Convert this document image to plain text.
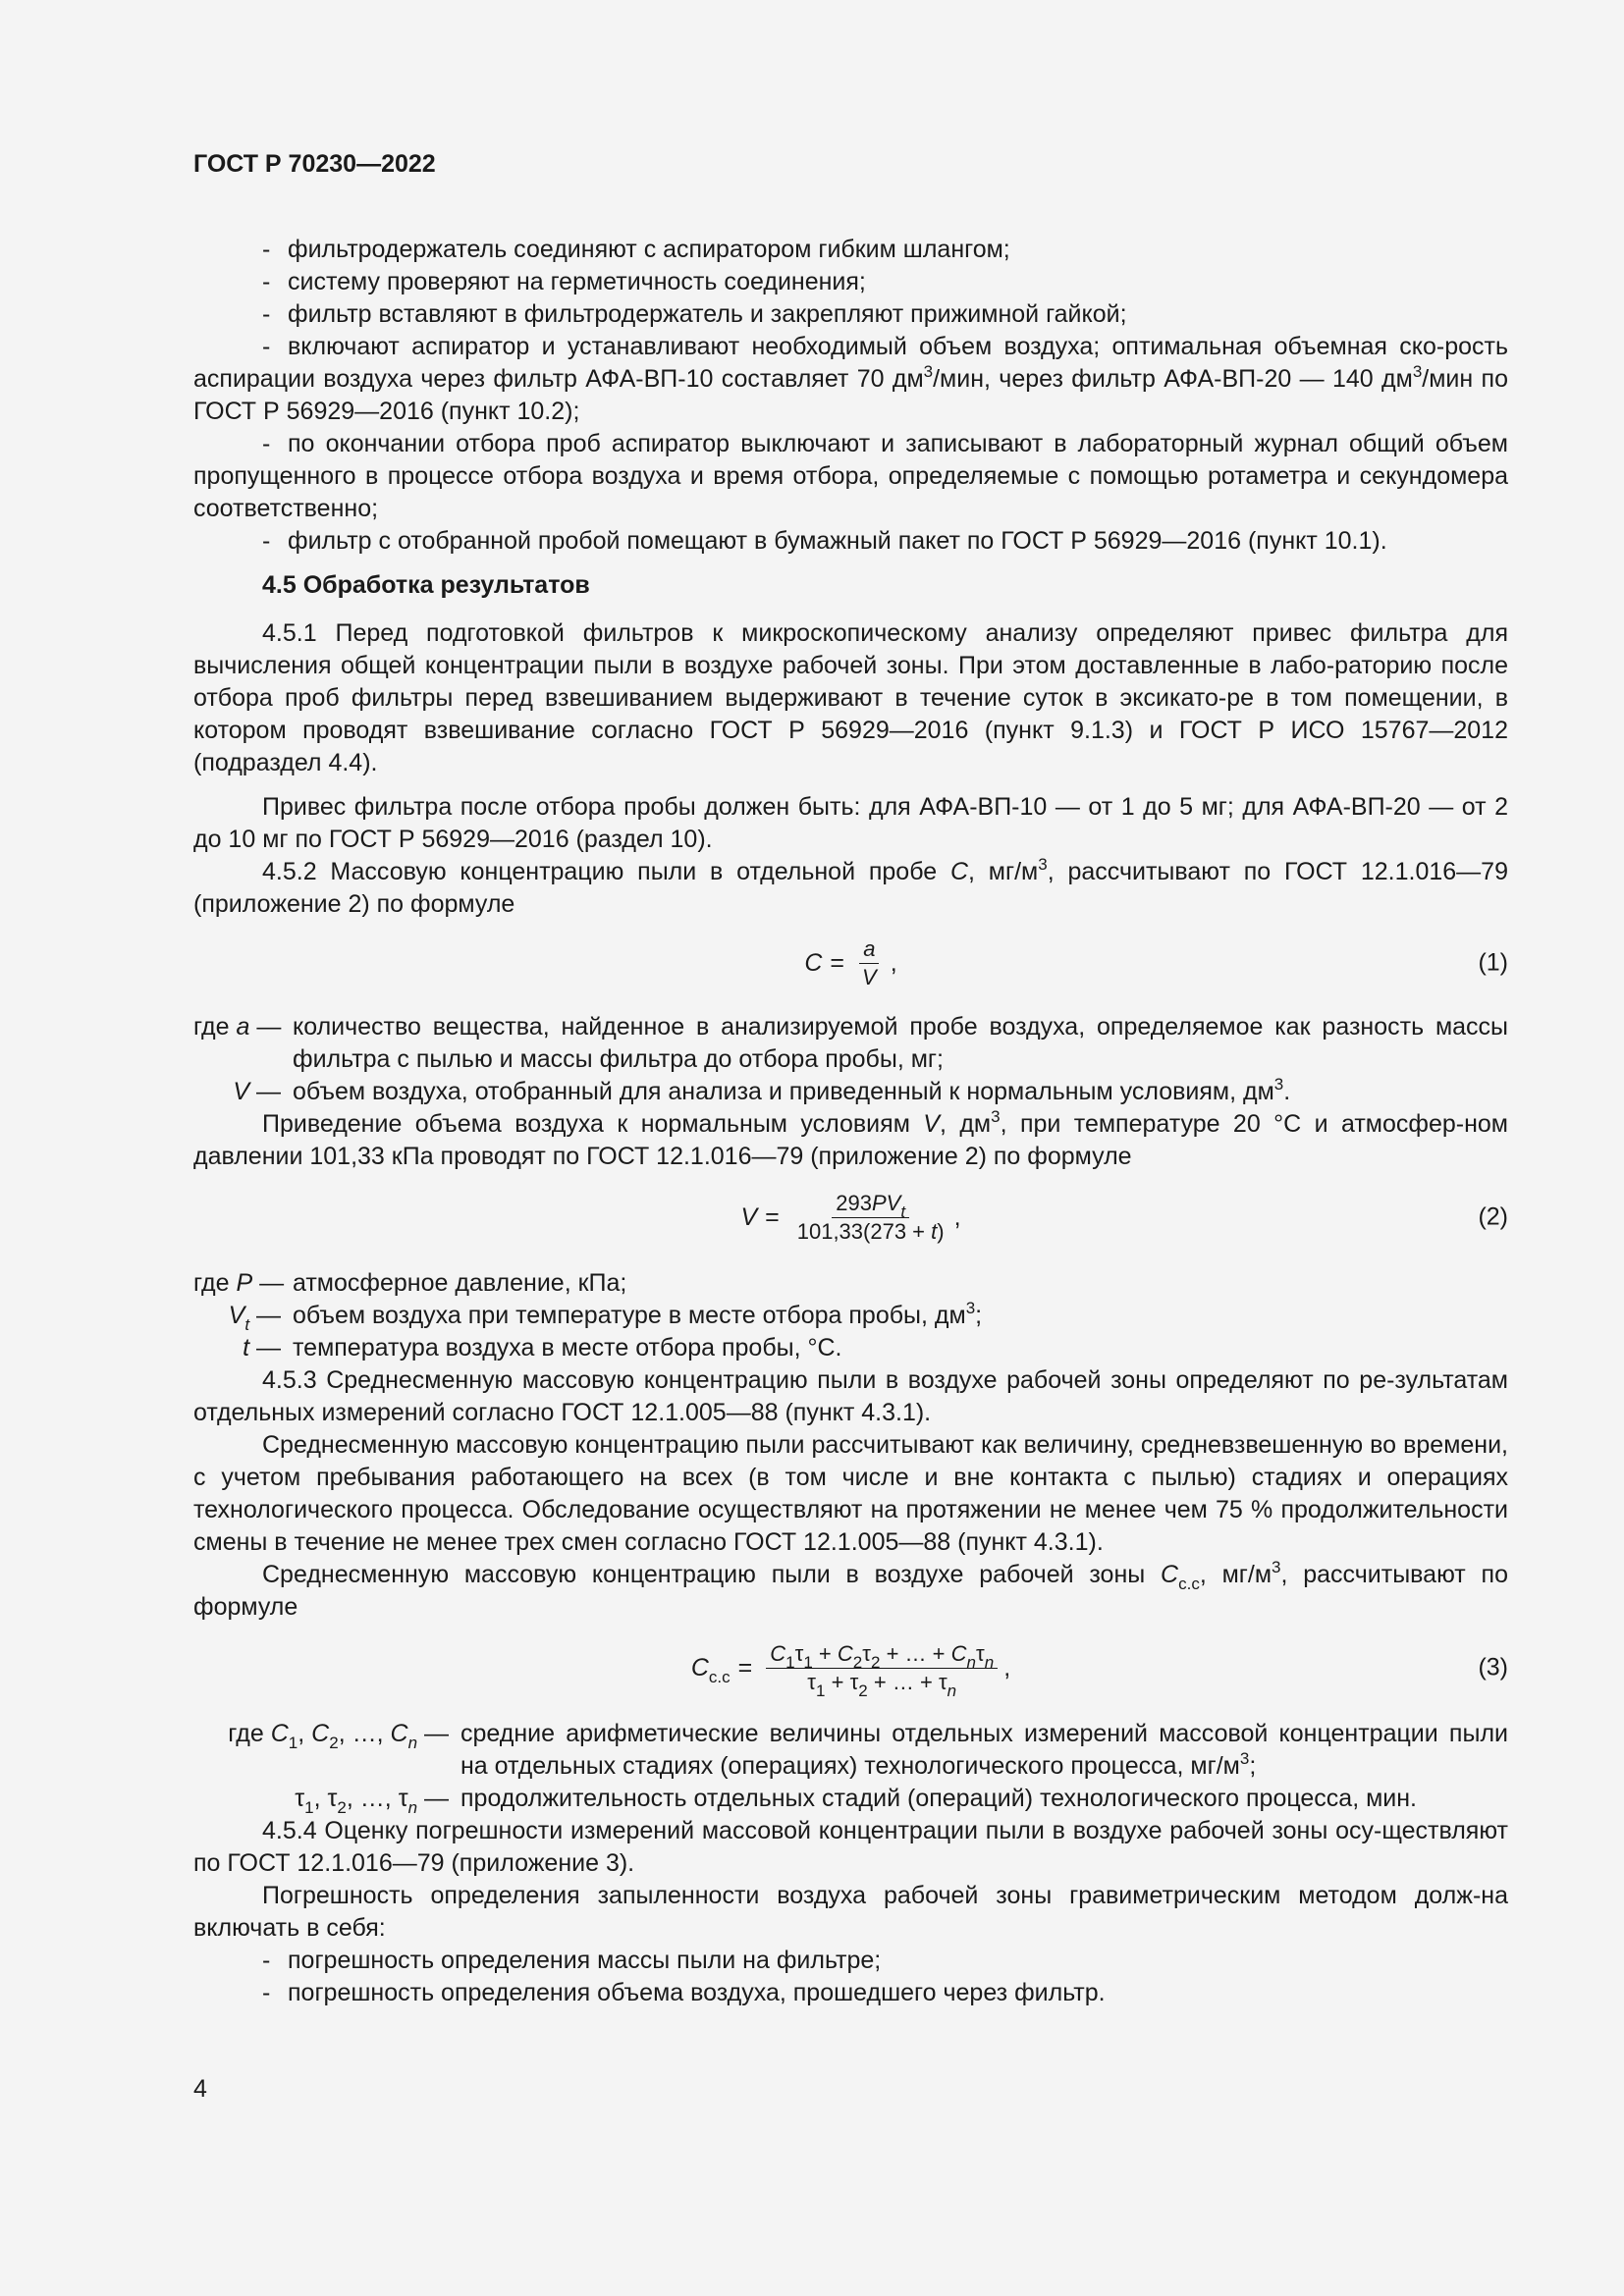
ГОСТ Р 70230—2022

- фильтродержатель соединяют с аспиратором гибким шлангом;

- систему проверяют на герметичность соединения;

- фильтр вставляют в фильтродержатель и закрепляют прижимной гайкой;

- включают аспиратор и устанавливают необходимый объем воздуха; оптимальная объемная ско-рость аспирации воздуха через фильтр АФА-ВП-10 составляет 70 $дм^3$/мин, через фильтр АФА-ВП-20 — 140 $дм^3$/мин по ГОСТ Р 56929—2016 (пункт 10.2);

- по окончании отбора проб аспиратор выключают и записывают в лабораторный журнал общий объем пропущенного в процессе отбора воздуха и время отбора, определяемые с помощью ротаметра и секундомера соответственно;

- фильтр с отобранной пробой помещают в бумажный пакет по ГОСТ Р 56929—2016 (пункт 10.1).

4.5 Обработка результатов

4.5.1 Перед подготовкой фильтров к микроскопическому анализу определяют привес фильтра для вычисления общей концентрации пыли в воздухе рабочей зоны. При этом доставленные в лабо-раторию после отбора проб фильтры перед взвешиванием выдерживают в течение суток в эксикато-ре в том помещении, в котором проводят взвешивание согласно ГОСТ Р 56929—2016 (пункт 9.1.3) и ГОСТ Р ИСО 15767—2012 (подраздел 4.4).

Привес фильтра после отбора пробы должен быть: для АФА-ВП-10 — от 1 до 5 мг; для АФА-ВП-20 — от 2 до 10 мг по ГОСТ Р 56929—2016 (раздел 10).

4.5.2 Массовую концентрацию пыли в отдельной пробе C, $мг/м^3$, рассчитывают по ГОСТ 12.1.016—79 (приложение 2) по формуле

$C = \frac{a}{V}$ ,	(1)
где a — количество вещества, найденное в анализируемой пробе воздуха, определяемое как разность массы фильтра с пылью и массы фильтра до отбора пробы, мг;
V — объем воздуха, отобранный для анализа и приведенный к нормальным условиям, $дм^3$.

Приведение объема воздуха к нормальным условиям V, $дм^3$, при температуре 20 °С и атмосфер-ном давлении 101,33 кПа проводят по ГОСТ 12.1.016—79 (приложение 2) по формуле

$V = \frac{293PV_t}{101,33(273 + t)}$ ,	(2)
где P — атмосферное давление, кПа;
$V_t$ — объем воздуха при температуре в месте отбора пробы, $дм^3$;
t — температура воздуха в месте отбора пробы, °С.

4.5.3 Среднесменную массовую концентрацию пыли в воздухе рабочей зоны определяют по ре-зультатам отдельных измерений согласно ГОСТ 12.1.005—88 (пункт 4.3.1).

Среднесменную массовую концентрацию пыли рассчитывают как величину, средневзвешенную во времени, с учетом пребывания работающего на всех (в том числе и вне контакта с пылью) стадиях и операциях технологического процесса. Обследование осуществляют на протяжении не менее чем 75 % продолжительности смены в течение не менее трех смен согласно ГОСТ 12.1.005—88 (пункт 4.3.1).

Среднесменную массовую концентрацию пыли в воздухе рабочей зоны $C_{с.с}$, $мг/м^3$, рассчитывают по формуле

$C_{с.с}$ =
$C_1\tau_1 + C_2\tau_2$ + … + $C_n\tau_n$
$\tau_1 + \tau_2$ + … + $\tau_n$
,	(3)
где $C_1$, $C_2$, …, $C_n$ — средние арифметические величины отдельных измерений массовой концентрации пыли на отдельных стадиях (операциях) технологического процесса, $мг/м^3$;
$\tau_1$, $\tau_2$, …, $\tau_n$ — продолжительность отдельных стадий (операций) технологического процесса, мин.

4.5.4 Оценку погрешности измерений массовой концентрации пыли в воздухе рабочей зоны осу-ществляют по ГОСТ 12.1.016—79 (приложение 3).

Погрешность определения запыленности воздуха рабочей зоны гравиметрическим методом долж-на включать в себя:

- погрешность определения массы пыли на фильтре;

- погрешность определения объема воздуха, прошедшего через фильтр.

4
